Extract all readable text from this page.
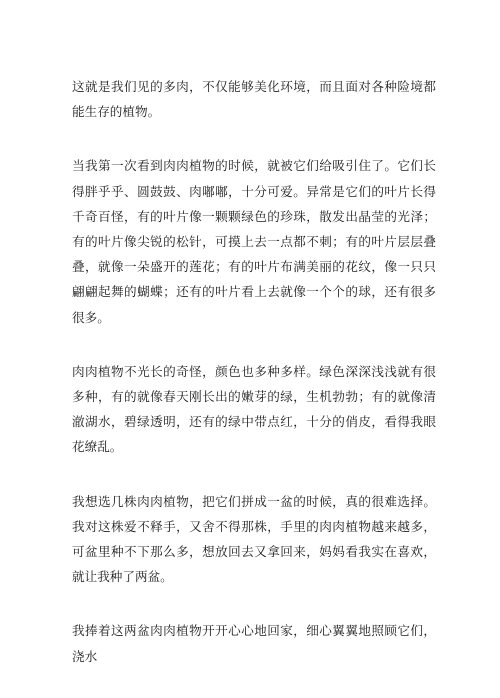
这就是我们见的多肉，不仅能够美化环境，而且面对各种险境都能生存的植物。

当我第一次看到肉肉植物的时候，就被它们给吸引住了。它们长得胖乎乎、圆鼓鼓、肉嘟嘟，十分可爱。异常是它们的叶片长得千奇百怪，有的叶片像一颗颗绿色的珍珠，散发出晶莹的光泽；有的叶片像尖锐的松针，可摸上去一点都不刺；有的叶片层层叠叠，就像一朵盛开的莲花；有的叶片布满美丽的花纹，像一只只翩翩起舞的蝴蝶；还有的叶片看上去就像一个个的球，还有很多很多。

肉肉植物不光长的奇怪，颜色也多种多样。绿色深深浅浅就有很多种，有的就像春天刚长出的嫩芽的绿，生机勃勃；有的就像清澈湖水，碧绿透明，还有的绿中带点红，十分的俏皮，看得我眼花缭乱。

我想选几株肉肉植物，把它们拼成一盆的时候，真的很难选择。我对这株爱不释手，又舍不得那株，手里的肉肉植物越来越多，可盆里种不下那么多，想放回去又拿回来，妈妈看我实在喜欢，就让我种了两盆。

我捧着这两盆肉肉植物开开心心地回家，细心翼翼地照顾它们，浇水
